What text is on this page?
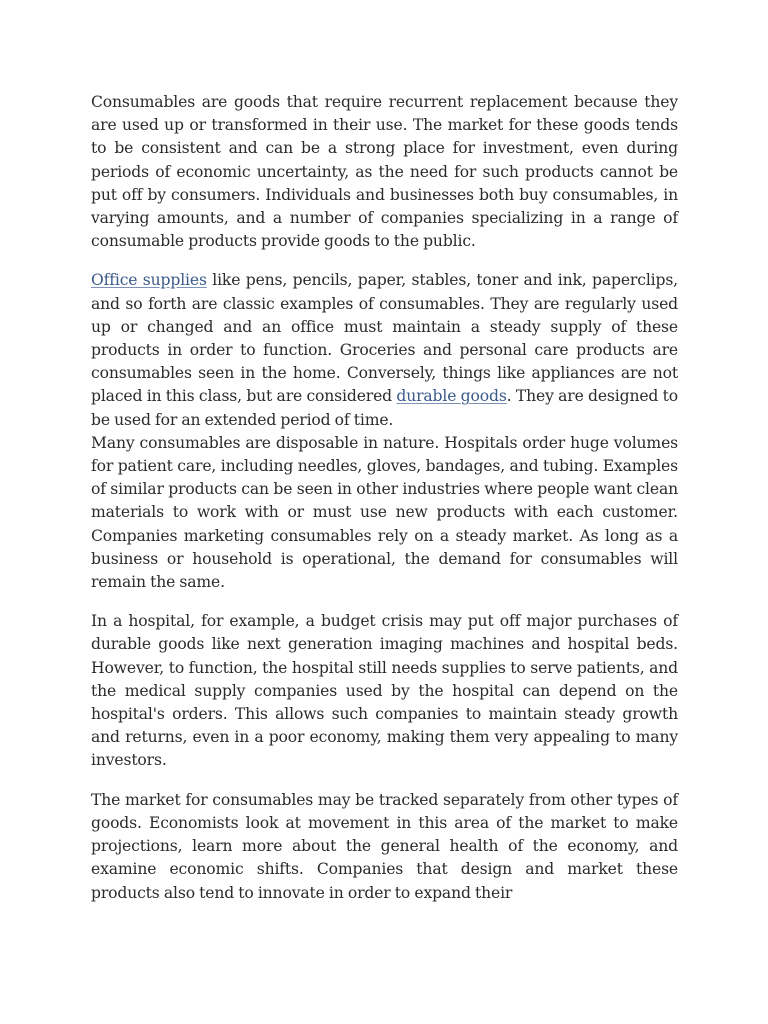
Consumables are goods that require recurrent replacement because they are used up or transformed in their use. The market for these goods tends to be consistent and can be a strong place for investment, even during periods of economic uncertainty, as the need for such products cannot be put off by consumers. Individuals and businesses both buy consumables, in varying amounts, and a number of companies specializing in a range of consumable products provide goods to the public.

Office supplies like pens, pencils, paper, stables, toner and ink, paperclips, and so forth are classic examples of consumables. They are regularly used up or changed and an office must maintain a steady supply of these products in order to function. Groceries and personal care products are consumables seen in the home. Conversely, things like appliances are not placed in this class, but are considered durable goods. They are designed to be used for an extended period of time.

Many consumables are disposable in nature. Hospitals order huge volumes for patient care, including needles, gloves, bandages, and tubing. Examples of similar products can be seen in other industries where people want clean materials to work with or must use new products with each customer. Companies marketing consumables rely on a steady market. As long as a business or household is operational, the demand for consumables will remain the same.

In a hospital, for example, a budget crisis may put off major purchases of durable goods like next generation imaging machines and hospital beds. However, to function, the hospital still needs supplies to serve patients, and the medical supply companies used by the hospital can depend on the hospital's orders. This allows such companies to maintain steady growth and returns, even in a poor economy, making them very appealing to many investors.

The market for consumables may be tracked separately from other types of goods. Economists look at movement in this area of the market to make projections, learn more about the general health of the economy, and examine economic shifts. Companies that design and market these products also tend to innovate in order to expand their
